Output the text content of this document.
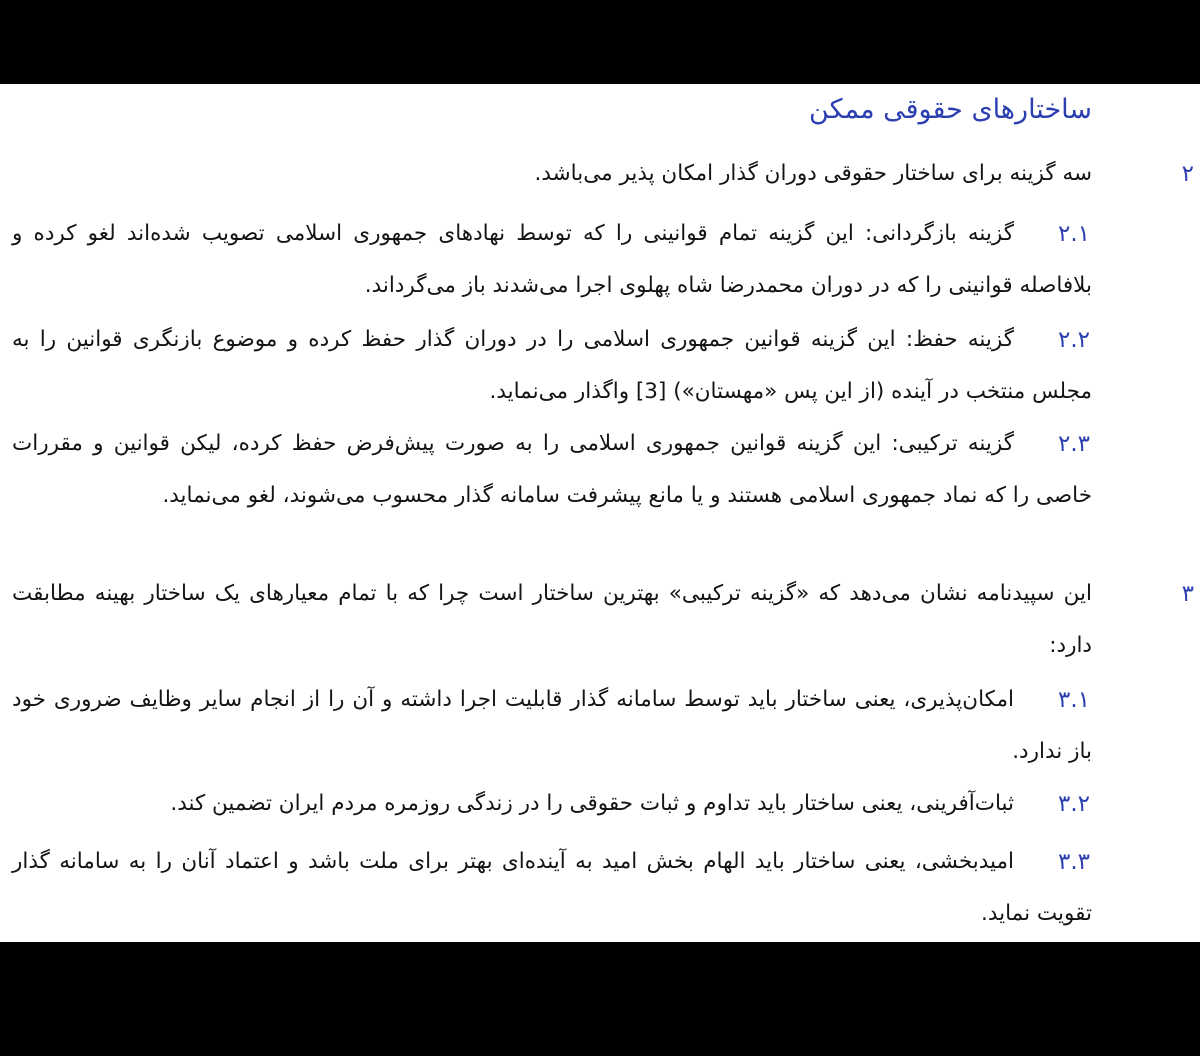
ساختارهای حقوقی ممکن
۲

سه گزینه برای ساختار حقوقی دوران گذار امکان پذیر می‌باشد.

۲.۱

گزینه بازگردانی: این گزینه تمام قوانینی را که توسط نهادهای جمهوری اسلامی تصویب شده‌اند لغو کرده و بلافاصله قوانینی را که در دوران محمدرضا شاه پهلوی اجرا می‌شدند باز می‌گرداند.

۲.۲

گزینه حفظ: این گزینه قوانین جمهوری اسلامی را در دوران گذار حفظ کرده و موضوع بازنگری قوانین را به مجلس منتخب در آینده (از این پس «مهستان») [3] واگذار می‌نماید.

۲.۳

گزینه ترکیبی: این گزینه قوانین جمهوری اسلامی را به صورت پیش‌فرض حفظ کرده، لیکن قوانین و مقررات خاصی را که نماد جمهوری اسلامی هستند و یا مانع پیشرفت سامانه گذار محسوب می‌شوند، لغو می‌نماید.

۳

این سپیدنامه نشان می‌دهد که «گزینه ترکیبی» بهترین ساختار است چرا که با تمام معیارهای یک ساختار بهینه مطابقت دارد:

۳.۱

امکان‌پذیری، یعنی ساختار باید توسط سامانه گذار قابلیت اجرا داشته و آن را از انجام سایر وظایف ضروری خود باز ندارد.

۳.۲

ثبات‌آفرینی، یعنی ساختار باید تداوم و ثبات حقوقی را در زندگی روزمره مردم ایران تضمین کند.

۳.۳

امیدبخشی، یعنی ساختار باید الهام بخش امید به آینده‌ای بهتر برای ملت باشد و اعتماد آنان را به سامانه گذار تقویت نماید.
